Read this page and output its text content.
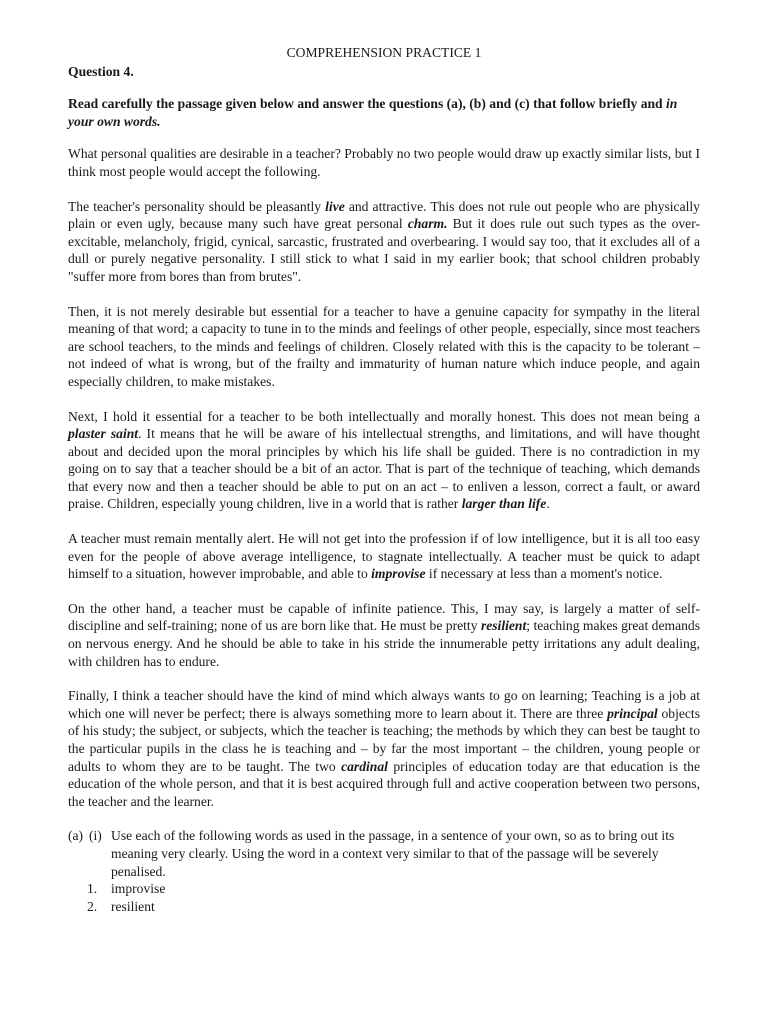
COMPREHENSION PRACTICE 1
Question 4.
Read carefully the passage given below and answer the questions (a), (b) and (c) that follow briefly and in your own words.

What personal qualities are desirable in a teacher? Probably no two people would draw up exactly similar lists, but I think most people would accept the following.

The teacher's personality should be pleasantly live and attractive. This does not rule out people who are physically plain or even ugly, because many such have great personal charm. But it does rule out such types as the over-excitable, melancholy, frigid, cynical, sarcastic, frustrated and overbearing. I would say too, that it excludes all of a dull or purely negative personality. I still stick to what I said in my earlier book; that school children probably "suffer more from bores than from brutes".

Then, it is not merely desirable but essential for a teacher to have a genuine capacity for sympathy in the literal meaning of that word; a capacity to tune in to the minds and feelings of other people, especially, since most teachers are school teachers, to the minds and feelings of children. Closely related with this is the capacity to be tolerant – not indeed of what is wrong, but of the frailty and immaturity of human nature which induce people, and again especially children, to make mistakes.

Next, I hold it essential for a teacher to be both intellectually and morally honest. This does not mean being a plaster saint. It means that he will be aware of his intellectual strengths, and limitations, and will have thought about and decided upon the moral principles by which his life shall be guided. There is no contradiction in my going on to say that a teacher should be a bit of an actor. That is part of the technique of teaching, which demands that every now and then a teacher should be able to put on an act – to enliven a lesson, correct a fault, or award praise. Children, especially young children, live in a world that is rather larger than life.

A teacher must remain mentally alert. He will not get into the profession if of low intelligence, but it is all too easy even for the people of above average intelligence, to stagnate intellectually. A teacher must be quick to adapt himself to a situation, however improbable, and able to improvise if necessary at less than a moment's notice.

On the other hand, a teacher must be capable of infinite patience. This, I may say, is largely a matter of self-discipline and self-training; none of us are born like that. He must be pretty resilient; teaching makes great demands on nervous energy. And he should be able to take in his stride the innumerable petty irritations any adult dealing, with children has to endure.

Finally, I think a teacher should have the kind of mind which always wants to go on learning; Teaching is a job at which one will never be perfect; there is always something more to learn about it. There are three principal objects of his study; the subject, or subjects, which the teacher is teaching; the methods by which they can best be taught to the particular pupils in the class he is teaching and – by far the most important – the children, young people or adults to whom they are to be taught. The two cardinal principles of education today are that education is the education of the whole person, and that it is best acquired through full and active cooperation between two persons, the teacher and the learner.

(a) (i) Use each of the following words as used in the passage, in a sentence of your own, so as to bring out its meaning very clearly. Using the word in a context very similar to that of the passage will be severely penalised.
1. improvise
2. resilient
